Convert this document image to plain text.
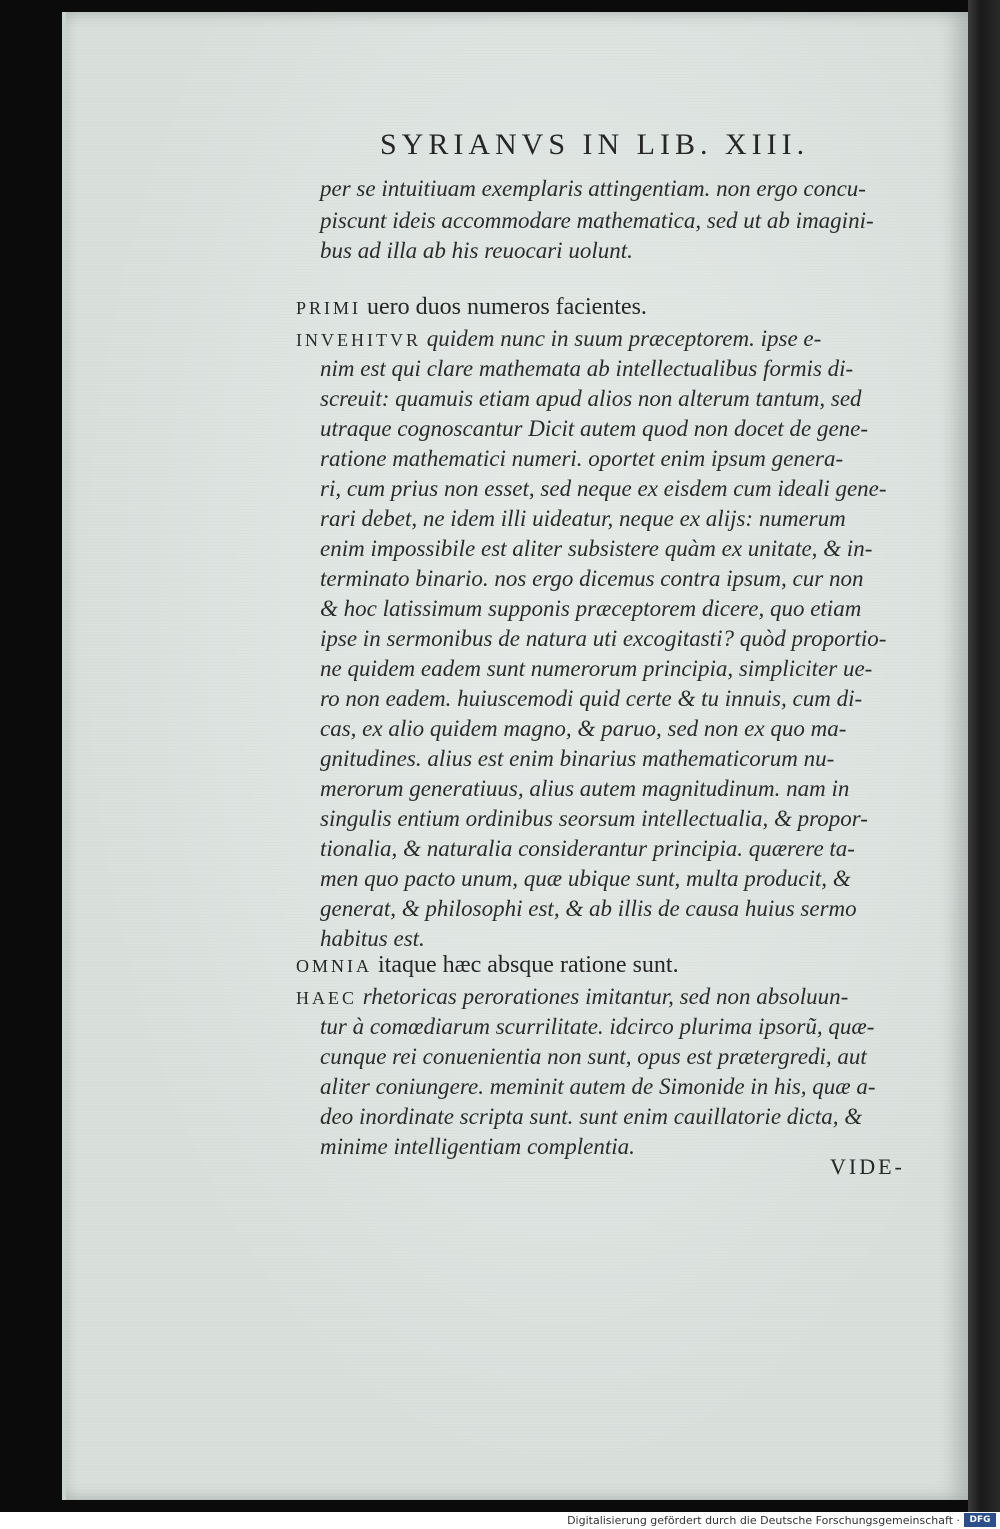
SYRIANVS IN LIB. XIII.
per se intuitiuam exemplaris attingentiam. non ergo concu-
piscunt ideis accommodare mathematica, sed ut ab imagini-
bus ad illa ab his reuocari uolunt.
PRIMI uero duos numeros facientes.
INVEHITVR quidem nunc in suum præceptorem. ipse e-
nim est qui clare mathemata ab intellectualibus formis di-
screuit: quamuis etiam apud alios non alterum tantum, sed
utraque cognoscantur Dicit autem quod non docet de gene-
ratione mathematici numeri. oportet enim ipsum genera-
ri, cum prius non esset, sed neque ex eisdem cum ideali gene-
rari debet, ne idem illi uideatur, neque ex alijs: numerum
enim impossibile est aliter subsistere quàm ex unitate, & in-
terminato binario. nos ergo dicemus contra ipsum, cur non
& hoc latissimum supponis præceptorem dicere, quo etiam
ipse in sermonibus de natura uti excogitasti? quòd proportio-
ne quidem eadem sunt numerorum principia, simpliciter ue-
ro non eadem. huiuscemodi quid certe & tu innuis, cum di-
cas, ex alio quidem magno, & paruo, sed non ex quo ma-
gnitudines. alius est enim binarius mathematicorum nu-
merorum generatiuus, alius autem magnitudinum. nam in
singulis entium ordinibus seorsum intellectualia, & propor-
tionalia, & naturalia considerantur principia. quærere ta-
men quo pacto unum, quæ ubique sunt, multa producit, &
generat, & philosophi est, & ab illis de causa huius sermo
habitus est.
OMNIA itaque hæc absque ratione sunt.
HAEC rhetoricas perorationes imitantur, sed non absoluun-
tur à comœdiarum scurrilitate. idcirco plurima ipsorũ, quæ-
cunque rei conuenientia non sunt, opus est prætergredi, aut
aliter coniungere. meminit autem de Simonide in his, quæ a-
deo inordinate scripta sunt. sunt enim cauillatorie dicta, &
minime intelligentiam complentia.
VIDE-
Digitalisierung gefördert durch die Deutsche Forschungsgemeinschaft ·	DFG
